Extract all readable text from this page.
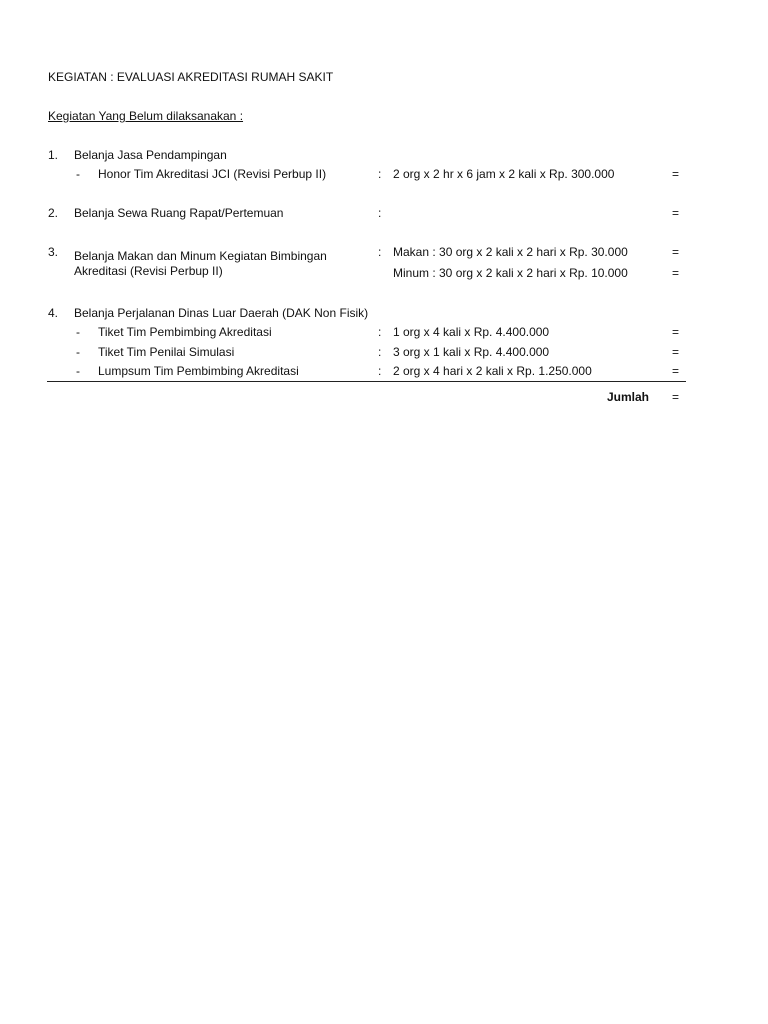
KEGIATAN : EVALUASI AKREDITASI RUMAH SAKIT
Kegiatan Yang Belum dilaksanakan :
1. Belanja Jasa Pendampingan
- Honor Tim Akreditasi JCI (Revisi Perbup II)	: 2 org x 2 hr x 6 jam x 2 kali x Rp. 300.000	=
2. Belanja Sewa Ruang Rapat/Pertemuan	:	=
3. Belanja Makan dan Minum Kegiatan Bimbingan Akreditasi (Revisi Perbup II)
: Makan : 30 org x 2 kali x 2 hari x Rp. 30.000	=
Minum : 30 org x 2 kali x 2 hari x Rp. 10.000	=
4. Belanja Perjalanan Dinas Luar Daerah (DAK Non Fisik)
- Tiket Tim Pembimbing Akreditasi	: 1 org x 4 kali x Rp. 4.400.000	=
- Tiket Tim Penilai Simulasi	: 3 org x 1 kali x Rp. 4.400.000	=
- Lumpsum Tim Pembimbing Akreditasi	: 2 org x 4 hari x 2 kali x Rp. 1.250.000	=
Jumlah =
